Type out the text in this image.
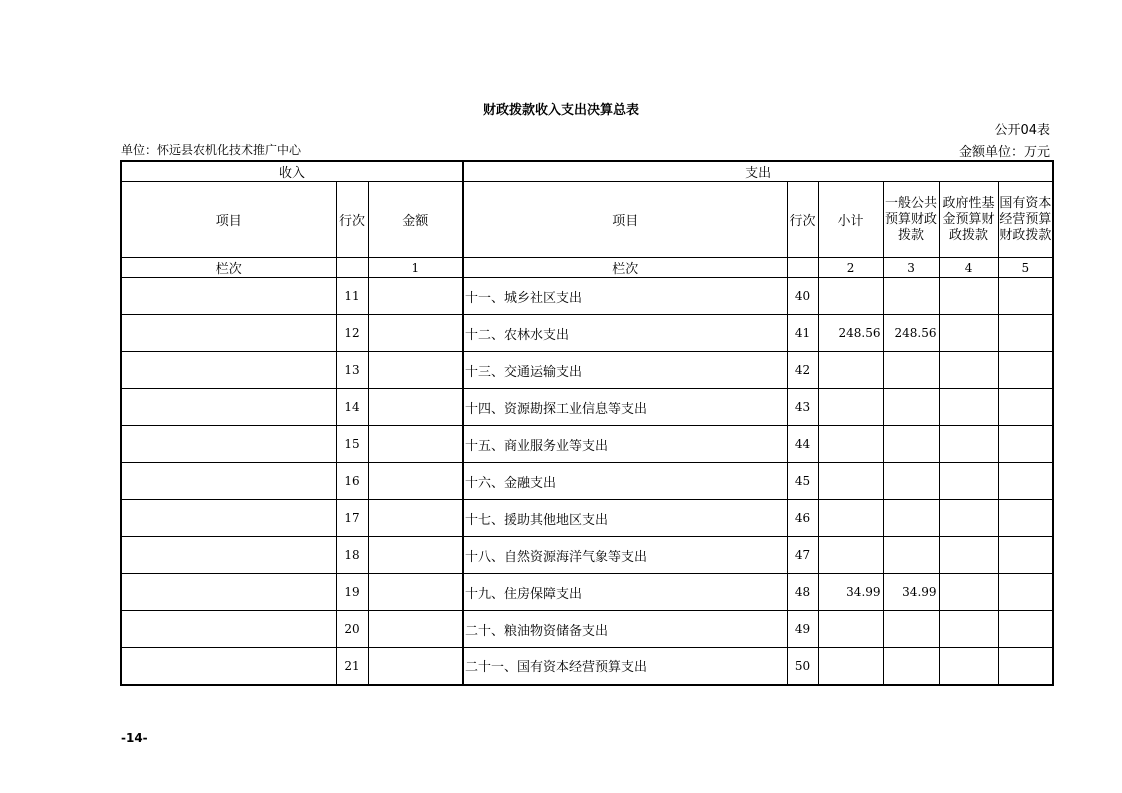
财政拨款收入支出决算总表
公开04表
单位：怀远县农机化技术推广中心	金额单位：万元
收入			支出					
项目	行次	金额	项目	行次	小计	一般公共预算财政拨款	政府性基金预算财政拨款	国有资本经营预算财政拨款
栏次		1	栏次		2	3	4	5
	11		十一、城乡社区支出	40				
	12		十二、农林水支出	41	248.56	248.56		
	13		十三、交通运输支出	42				
	14		十四、资源勘探工业信息等支出	43				
	15		十五、商业服务业等支出	44				
	16		十六、金融支出	45				
	17		十七、援助其他地区支出	46				
	18		十八、自然资源海洋气象等支出	47				
	19		十九、住房保障支出	48	34.99	34.99		
	20		二十、粮油物资储备支出	49				
	21		二十一、国有资本经营预算支出	50				
-14-
